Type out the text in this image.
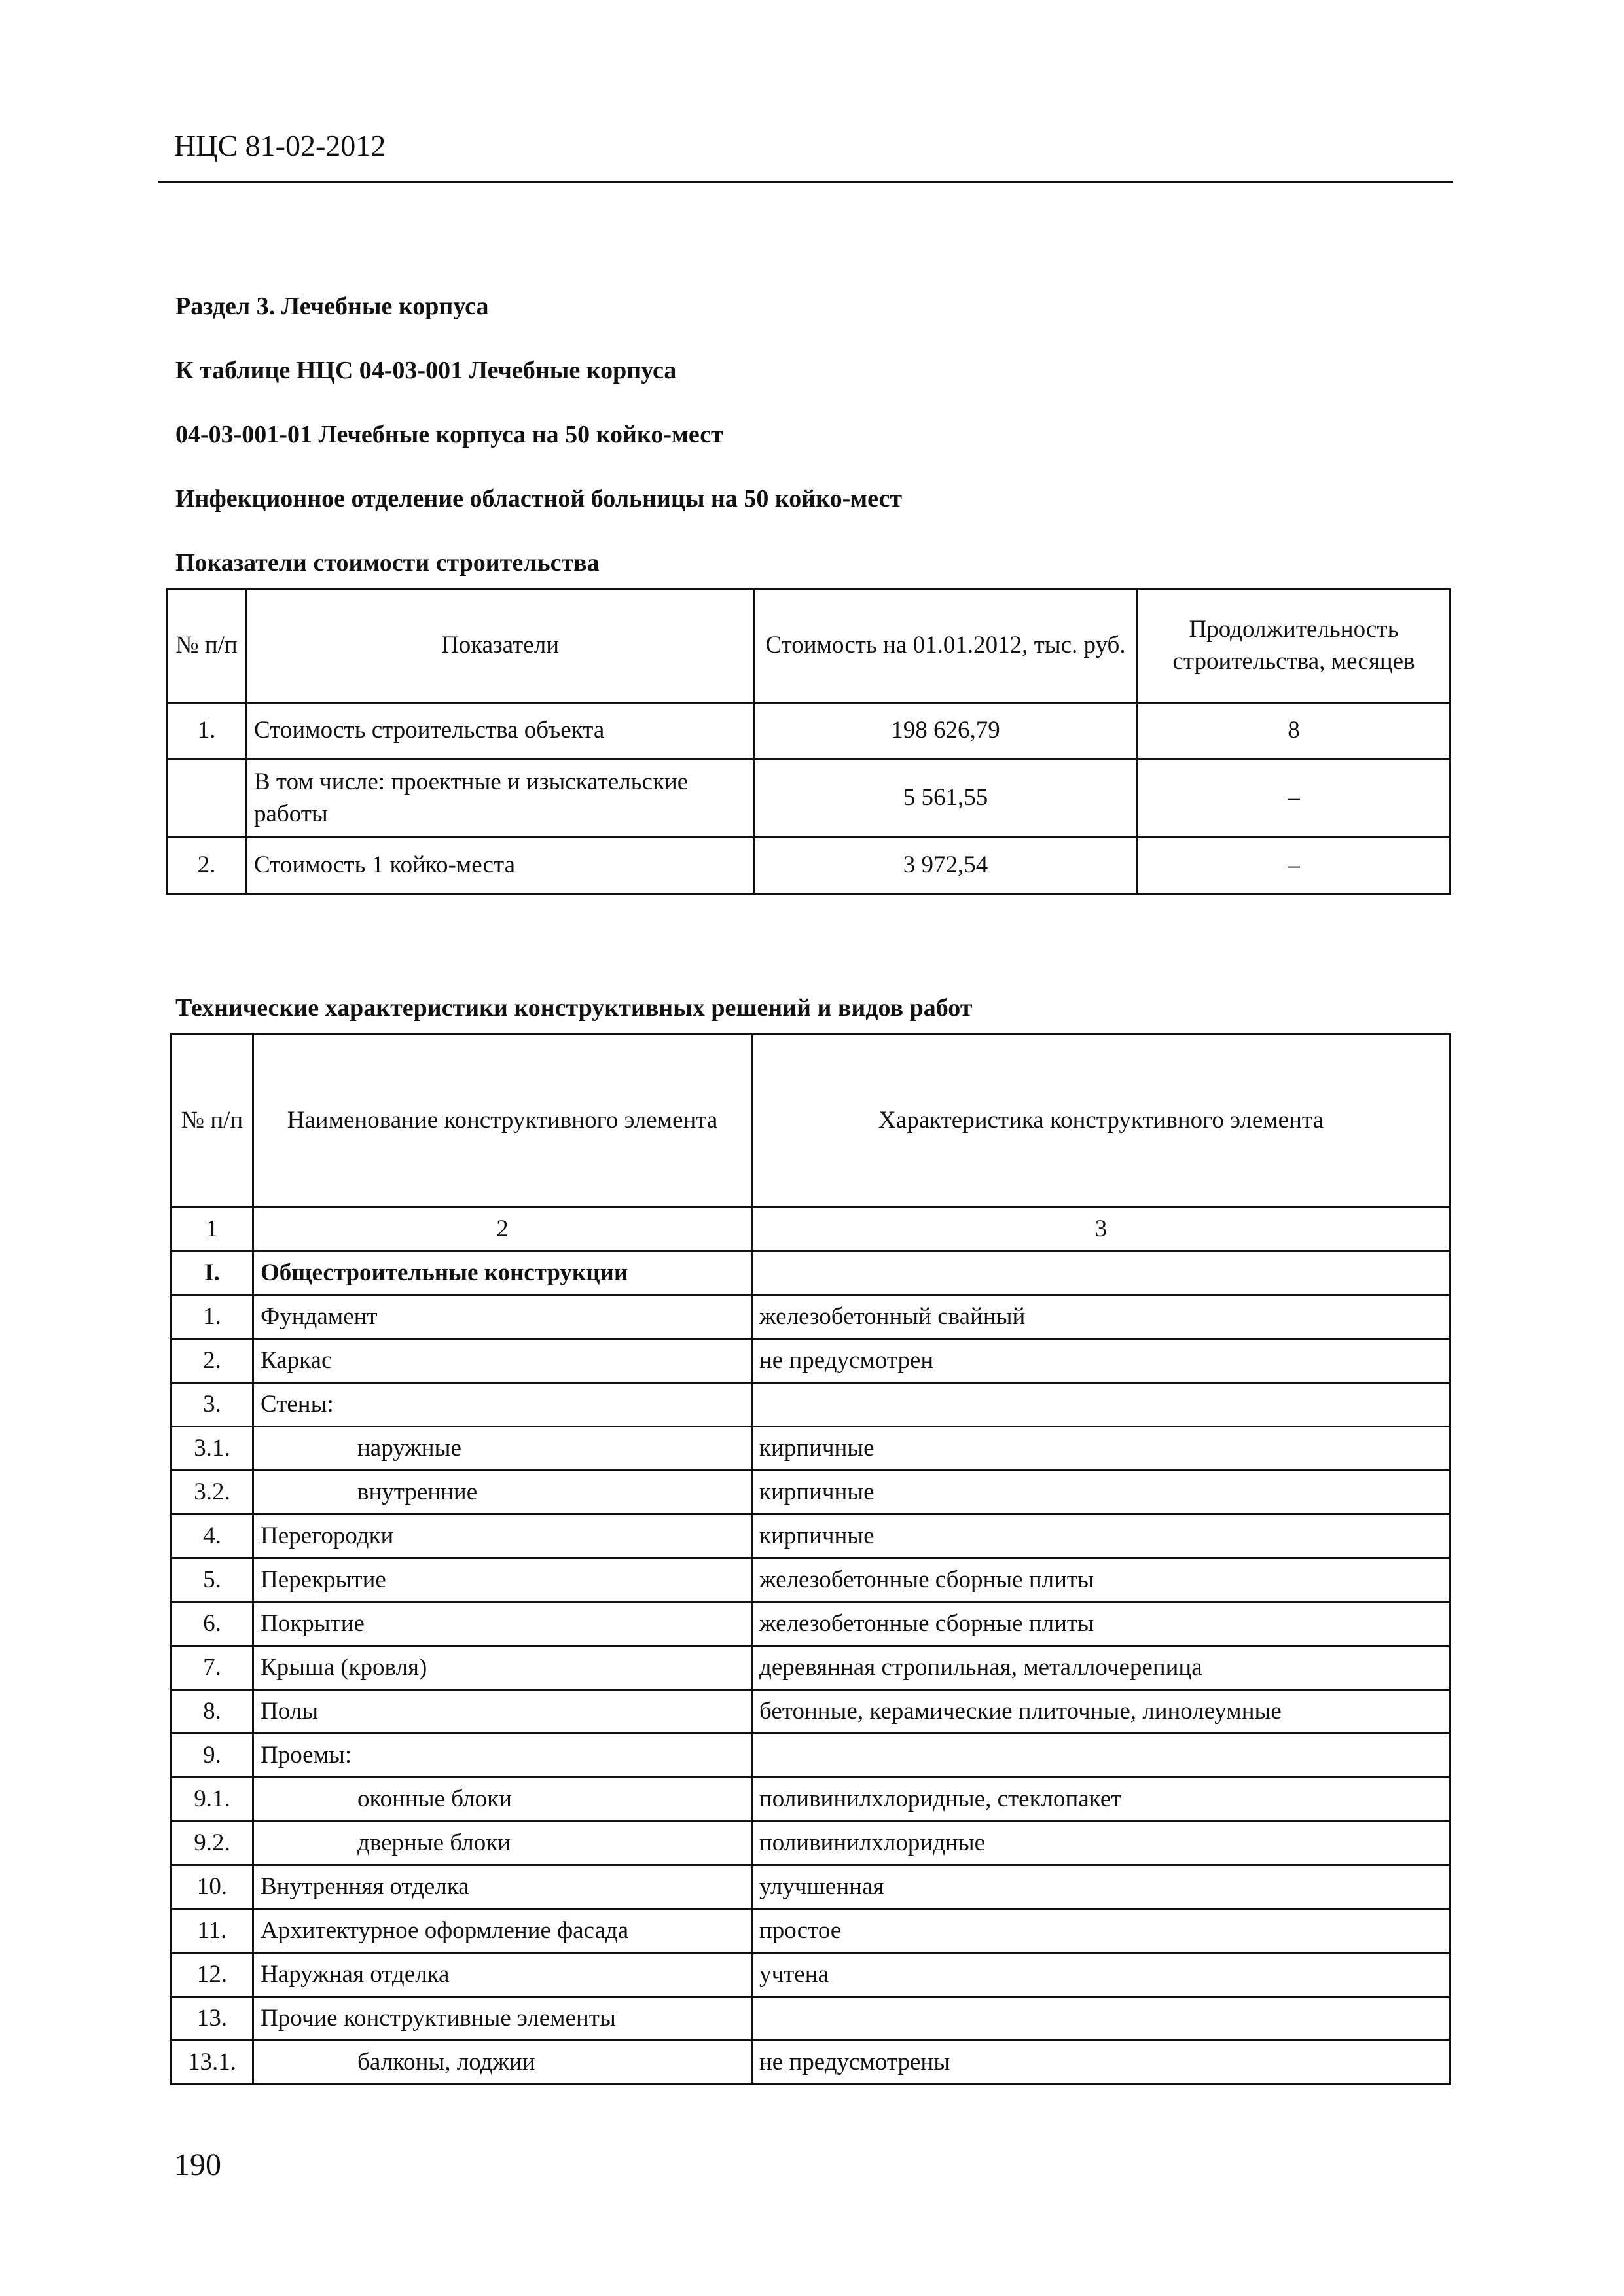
НЦС 81-02-2012
Раздел 3. Лечебные корпуса
К таблице НЦС 04-03-001 Лечебные корпуса
04-03-001-01 Лечебные корпуса на 50 койко-мест
Инфекционное отделение областной больницы на 50 койко-мест
Показатели стоимости строительства
№ п/п	Показатели	Стоимость на 01.01.2012, тыс. руб.	Продолжительность строительства, месяцев
1.	Стоимость строительства объекта	198 626,79	8
	В том числе: проектные и изыскательские работы	5 561,55	–
2.	Стоимость 1 койко-места	3 972,54	–
Технические характеристики конструктивных решений и видов работ
№ п/п	Наименование конструктивного элемента	Характеристика конструктивного элемента
1	2	3
I.	Общестроительные конструкции	
1.	Фундамент	железобетонный свайный
2.	Каркас	не предусмотрен
3.	Стены:	
3.1.	наружные	кирпичные
3.2.	внутренние	кирпичные
4.	Перегородки	кирпичные
5.	Перекрытие	железобетонные сборные плиты
6.	Покрытие	железобетонные сборные плиты
7.	Крыша (кровля)	деревянная стропильная, металлочерепица
8.	Полы	бетонные, керамические плиточные, линолеумные
9.	Проемы:	
9.1.	оконные блоки	поливинилхлоридные, стеклопакет
9.2.	дверные блоки	поливинилхлоридные
10.	Внутренняя отделка	улучшенная
11.	Архитектурное оформление фасада	простое
12.	Наружная отделка	учтена
13.	Прочие конструктивные элементы	
13.1.	балконы, лоджии	не предусмотрены
190
